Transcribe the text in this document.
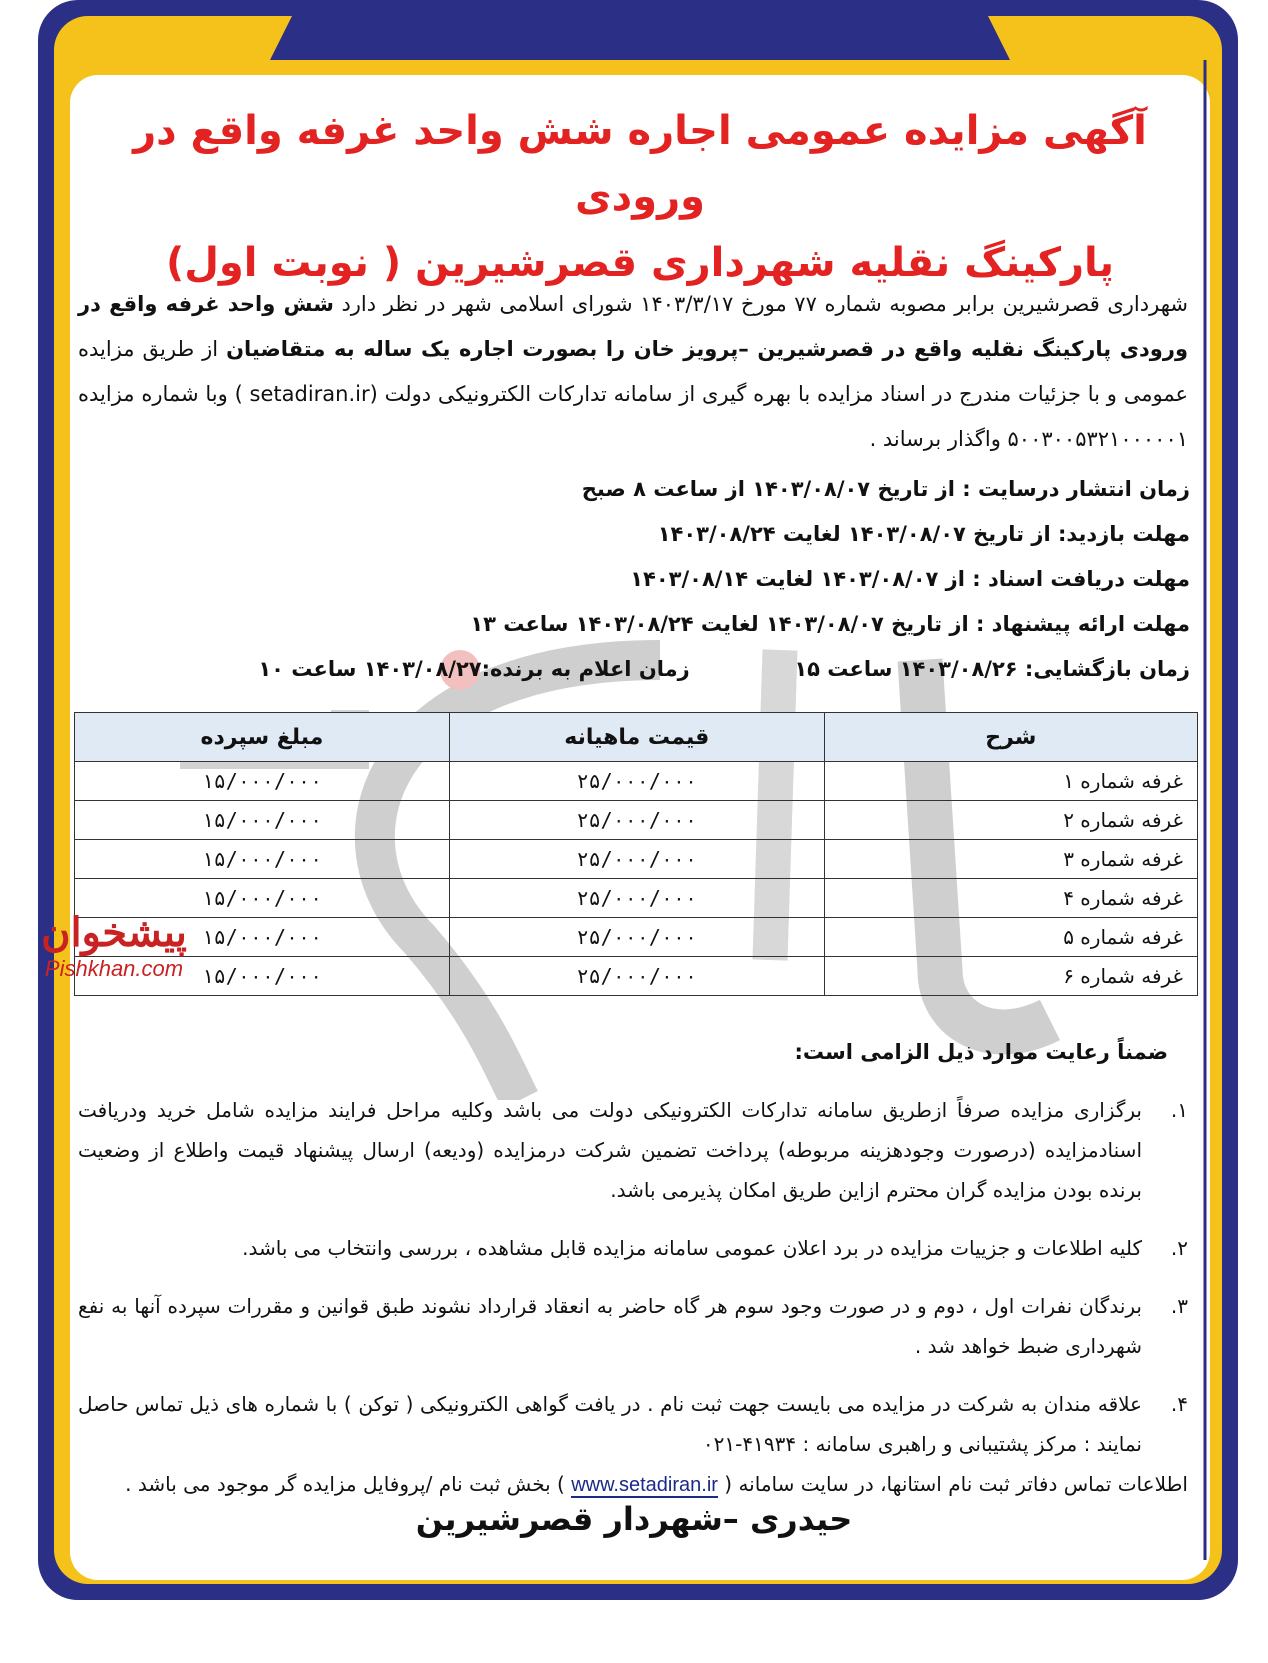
آگهی مزایده عمومی اجاره شش واحد غرفه واقع در ورودی
پارکینگ نقلیه شهرداری قصرشیرین ( نوبت اول)
شهرداری قصرشیرین برابر مصوبه شماره ۷۷ مورخ ۱۴۰۳/۳/۱۷ شورای اسلامی شهر در نظر دارد شش واحد غرفه واقع در ورودی پارکینگ نقلیه واقع در قصرشیرین –پرویز خان را بصورت اجاره یک ساله به متقاضیان از طریق مزایده عمومی و با جزئیات مندرج در اسناد مزایده با بهره گیری از سامانه تدارکات الکترونیکی دولت (setadiran.ir ) وبا شماره مزایده ۵۰۰۳۰۰۵۳۲۱۰۰۰۰۰۱ واگذار برساند .
زمان انتشار درسایت : از تاریخ ۱۴۰۳/۰۸/۰۷ از ساعت ۸ صبح
مهلت بازدید: از تاریخ ۱۴۰۳/۰۸/۰۷ لغایت ۱۴۰۳/۰۸/۲۴
مهلت دریافت اسناد : از ۱۴۰۳/۰۸/۰۷ لغایت ۱۴۰۳/۰۸/۱۴
مهلت ارائه پیشنهاد : از تاریخ ۱۴۰۳/۰۸/۰۷ لغایت ۱۴۰۳/۰۸/۲۴ ساعت ۱۳
زمان بازگشایی: ۱۴۰۳/۰۸/۲۶ ساعت ۱۵  زمان اعلام به برنده:۱۴۰۳/۰۸/۲۷ ساعت ۱۰
شرح	قیمت ماهیانه	مبلغ سپرده
غرفه شماره ۱	۲۵/۰۰۰/۰۰۰	۱۵/۰۰۰/۰۰۰
غرفه شماره ۲	۲۵/۰۰۰/۰۰۰	۱۵/۰۰۰/۰۰۰
غرفه شماره ۳	۲۵/۰۰۰/۰۰۰	۱۵/۰۰۰/۰۰۰
غرفه شماره ۴	۲۵/۰۰۰/۰۰۰	۱۵/۰۰۰/۰۰۰
غرفه شماره ۵	۲۵/۰۰۰/۰۰۰	۱۵/۰۰۰/۰۰۰
غرفه شماره ۶	۲۵/۰۰۰/۰۰۰	۱۵/۰۰۰/۰۰۰
پیشخوان
Pishkhan.com
ضمناً رعایت موارد ذیل الزامی است:
۱.
برگزاری مزایده صرفاً ازطریق سامانه تدارکات الکترونیکی دولت می باشد وکلیه مراحل فرایند مزایده شامل خرید ودریافت اسنادمزایده (درصورت وجودهزینه مربوطه) پرداخت تضمین شرکت درمزایده (ودیعه) ارسال پیشنهاد قیمت واطلاع از وضعیت برنده بودن مزایده گران محترم ازاین طریق امکان پذیرمی باشد.
۲.
کلیه اطلاعات و جزییات مزایده در برد اعلان عمومی سامانه مزایده قابل مشاهده ، بررسی وانتخاب می باشد.
۳.
برندگان نفرات اول ، دوم و در صورت وجود سوم هر گاه حاضر به انعقاد قرارداد نشوند طبق قوانین و مقررات سپرده آنها به نفع شهرداری ضبط خواهد شد .
۴.
علاقه مندان به شرکت در مزایده می بایست جهت ثبت نام . در یافت گواهی الکترونیکی ( توکن ) با شماره های ذیل تماس حاصل نمایند : مرکز پشتیبانی و راهبری سامانه : ۴۱۹۳۴-۰۲۱
اطلاعات تماس دفاتر ثبت نام استانها، در سایت سامانه ( www.setadiran.ir ) بخش ثبت نام /پروفایل مزایده گر موجود می باشد .
حیدری –شهردار قصرشیرین
